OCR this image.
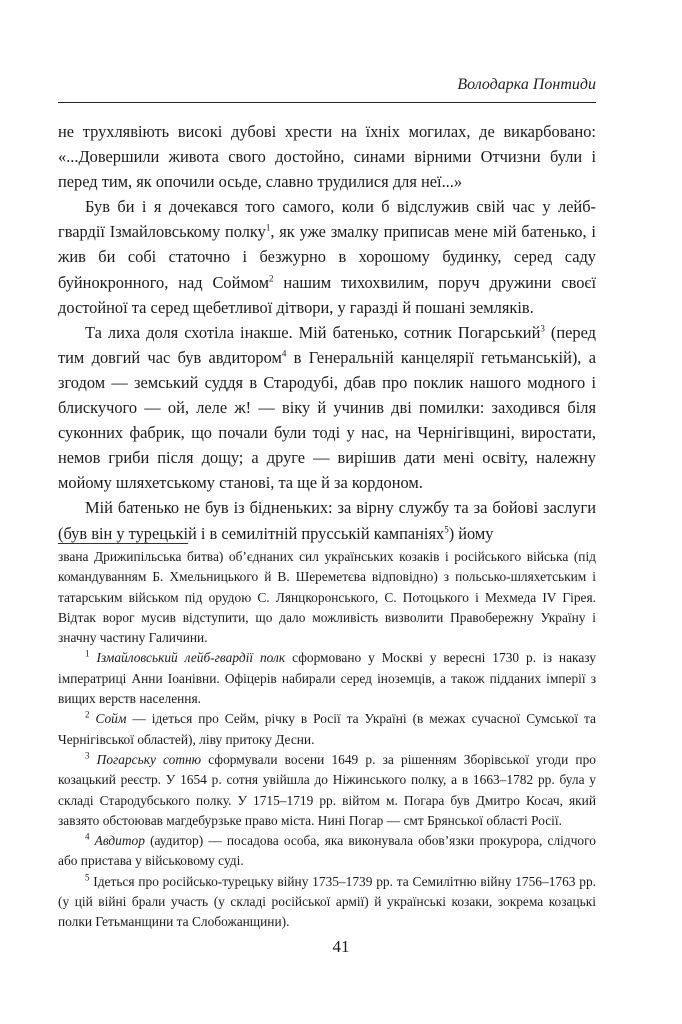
Володарка Понтиди

не трухлявіють високі дубові хрести на їхніх могилах, де викарбовано: «...Довершили живота свого достойно, синами вірними Отчизни були і перед тим, як опочили осьде, славно трудилися для неї...»

Був би і я дочекався того самого, коли б відслужив свій час у лейб-гвардії Ізмайловському полку$^1$, як уже змалку приписав мене мій батенько, і жив би собі статочно і безжурно в хорошому будинку, серед саду буйнокронного, над Соймом$^2$ нашим тихохвилим, поруч дружини своєї достойної та серед щебетливої дітвори, у гаразді й пошані земляків.

Та лиха доля схотіла інакше. Мій батенько, сотник Погарський$^3$ (перед тим довгий час був авдитором$^4$ в Генеральній канцелярії гетьманській), а згодом — земський суддя в Стародубі, дбав про поклик нашого модного і блискучого — ой, леле ж! — віку й учинив дві помилки: заходився біля суконних фабрик, що почали були тоді у нас, на Чернігівщині, виростати, немов гриби після дощу; а друге — вирішив дати мені освіту, належну мойому шляхетському станові, та ще й за кордоном.

Мій батенько не був із бідненьких: за вірну службу та за бойові заслуги (був він у турецькій і в семилітній прусській кампаніях$^5$) йому

звана Дрижипільська битва) об’єднаних сил українських козаків і російського війська (під командуванням Б. Хмельницького й В. Шереметєва відповідно) з польсько-шляхетським і татарським військом під орудою С. Лянцкоронського, С. Потоцького і Мехмеда IV Гірея. Відтак ворог мусив відступити, що дало можливість визволити Правобережну Україну і значну частину Галичини.

$^1$ Ізмайловський лейб-гвардії полк сформовано у Москві у вересні 1730 р. із наказу імператриці Анни Іоанівни. Офіцерів набирали серед іноземців, а також підданих імперії з вищих верств населення.

$^2$ Сойм — ідеться про Сейм, річку в Росії та Україні (в межах сучасної Сумської та Чернігівської областей), ліву притоку Десни.

$^3$ Погарську сотню сформували восени 1649 р. за рішенням Зборівської угоди про козацький реєстр. У 1654 р. сотня увійшла до Ніжинського полку, а в 1663–1782 рр. була у складі Стародубського полку. У 1715–1719 рр. війтом м. Погара був Дмитро Косач, який завзято обстоював магдебурзьке право міста. Нині Погар — смт Брянської області Росії.

$^4$ Авдитор (аудитор) — посадова особа, яка виконувала обов’язки прокурора, слідчого або пристава у військовому суді.

$^5$ Ідеться про російсько-турецьку війну 1735–1739 рр. та Семилітню війну 1756–1763 рр. (у цій війні брали участь (у складі російської армії) й українські козаки, зокрема козацькі полки Гетьманщини та Слобожанщини).

41
